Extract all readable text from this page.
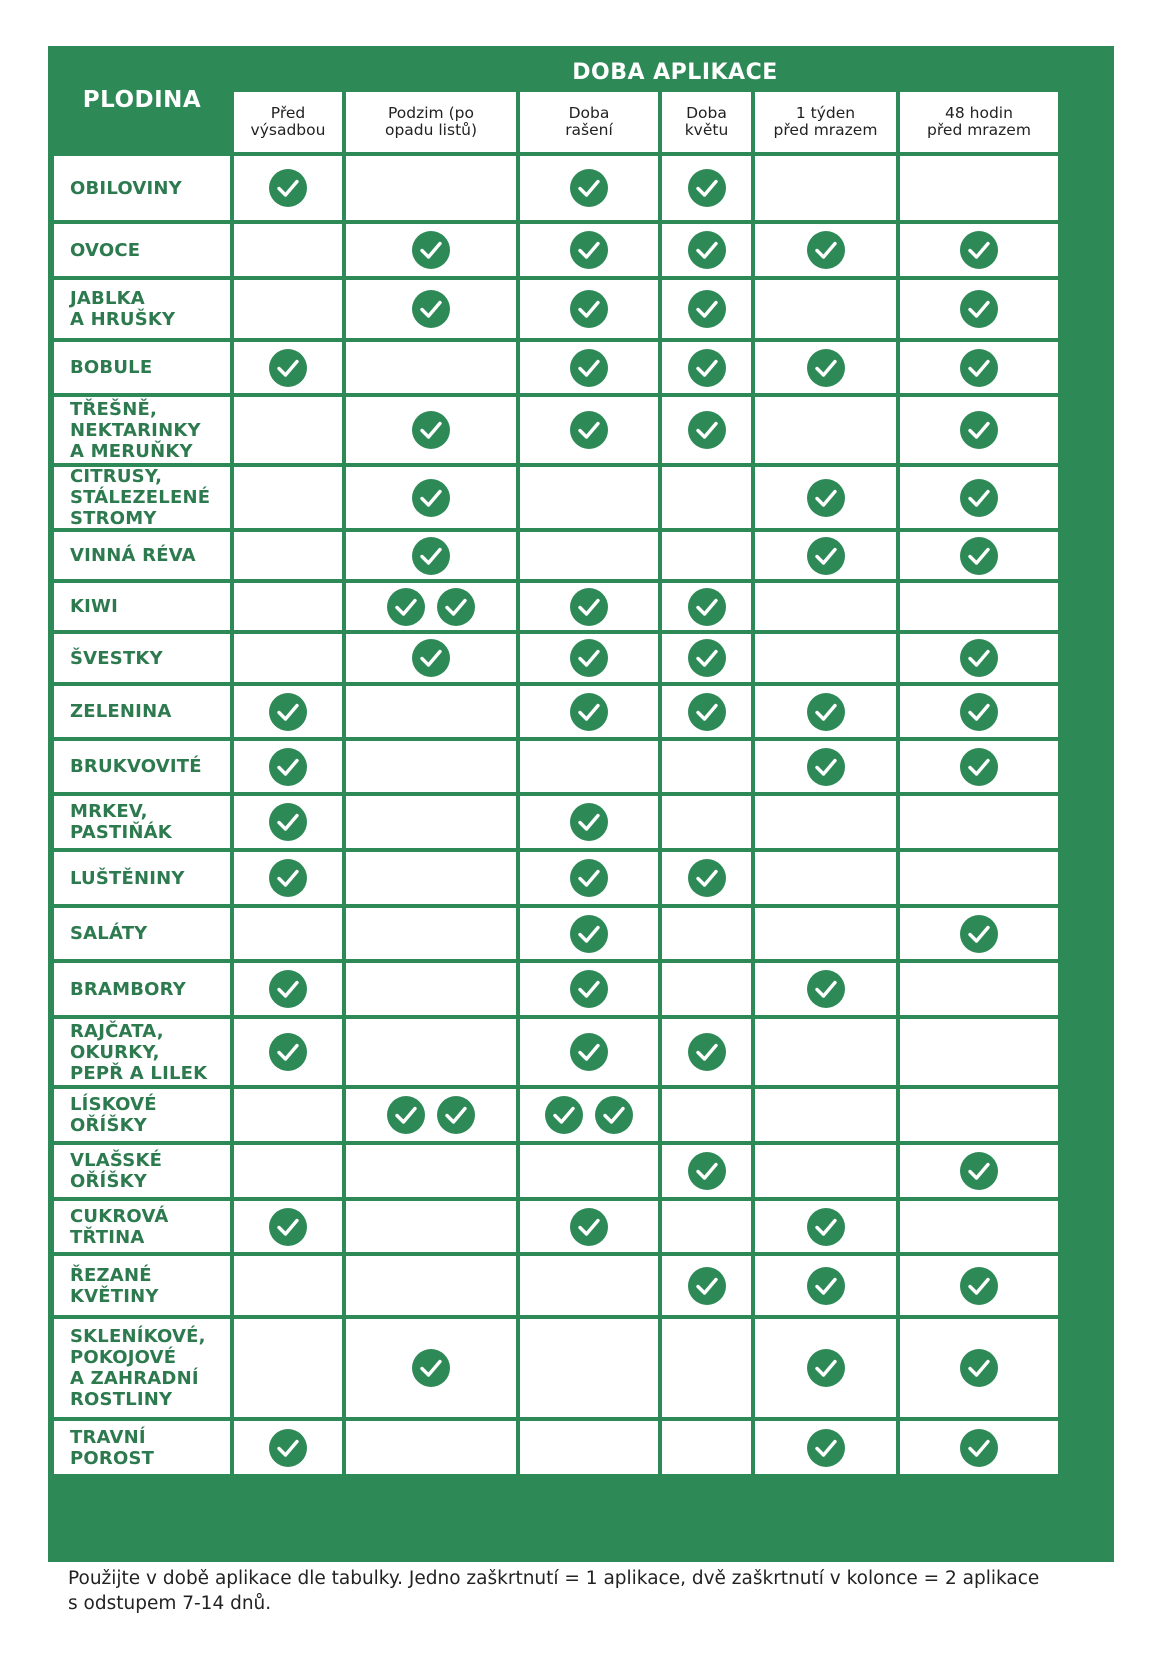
PLODINA
DOBA APLIKACE
Před
výsadbou
Podzim (po
opadu listů)
Doba
rašení
Doba
květu
1 týden
před mrazem
48 hodin
před mrazem
OBILOVINY
OVOCE
JABLKA
A HRUŠKY
BOBULE
TŘEŠNĚ,
NEKTARINKY
A MERUŇKY
CITRUSY,
STÁLEZELENÉ
STROMY
VINNÁ RÉVA
KIWI
ŠVESTKY
ZELENINA
BRUKVOVITÉ
MRKEV,
PASTIŇÁK
LUŠTĚNINY
SALÁTY
BRAMBORY
RAJČATA,
OKURKY,
PEPŘ A LILEK
LÍSKOVÉ
OŘÍŠKY
VLAŠSKÉ
OŘÍŠKY
CUKROVÁ
TŘTINA
ŘEZANÉ
KVĚTINY
SKLENÍKOVÉ,
POKOJOVÉ
A ZAHRADNÍ
ROSTLINY
TRAVNÍ
POROST
Použijte v době aplikace dle tabulky. Jedno zaškrtnutí = 1 aplikace, dvě zaškrtnutí v kolonce = 2 aplikace
s odstupem 7-14 dnů.
